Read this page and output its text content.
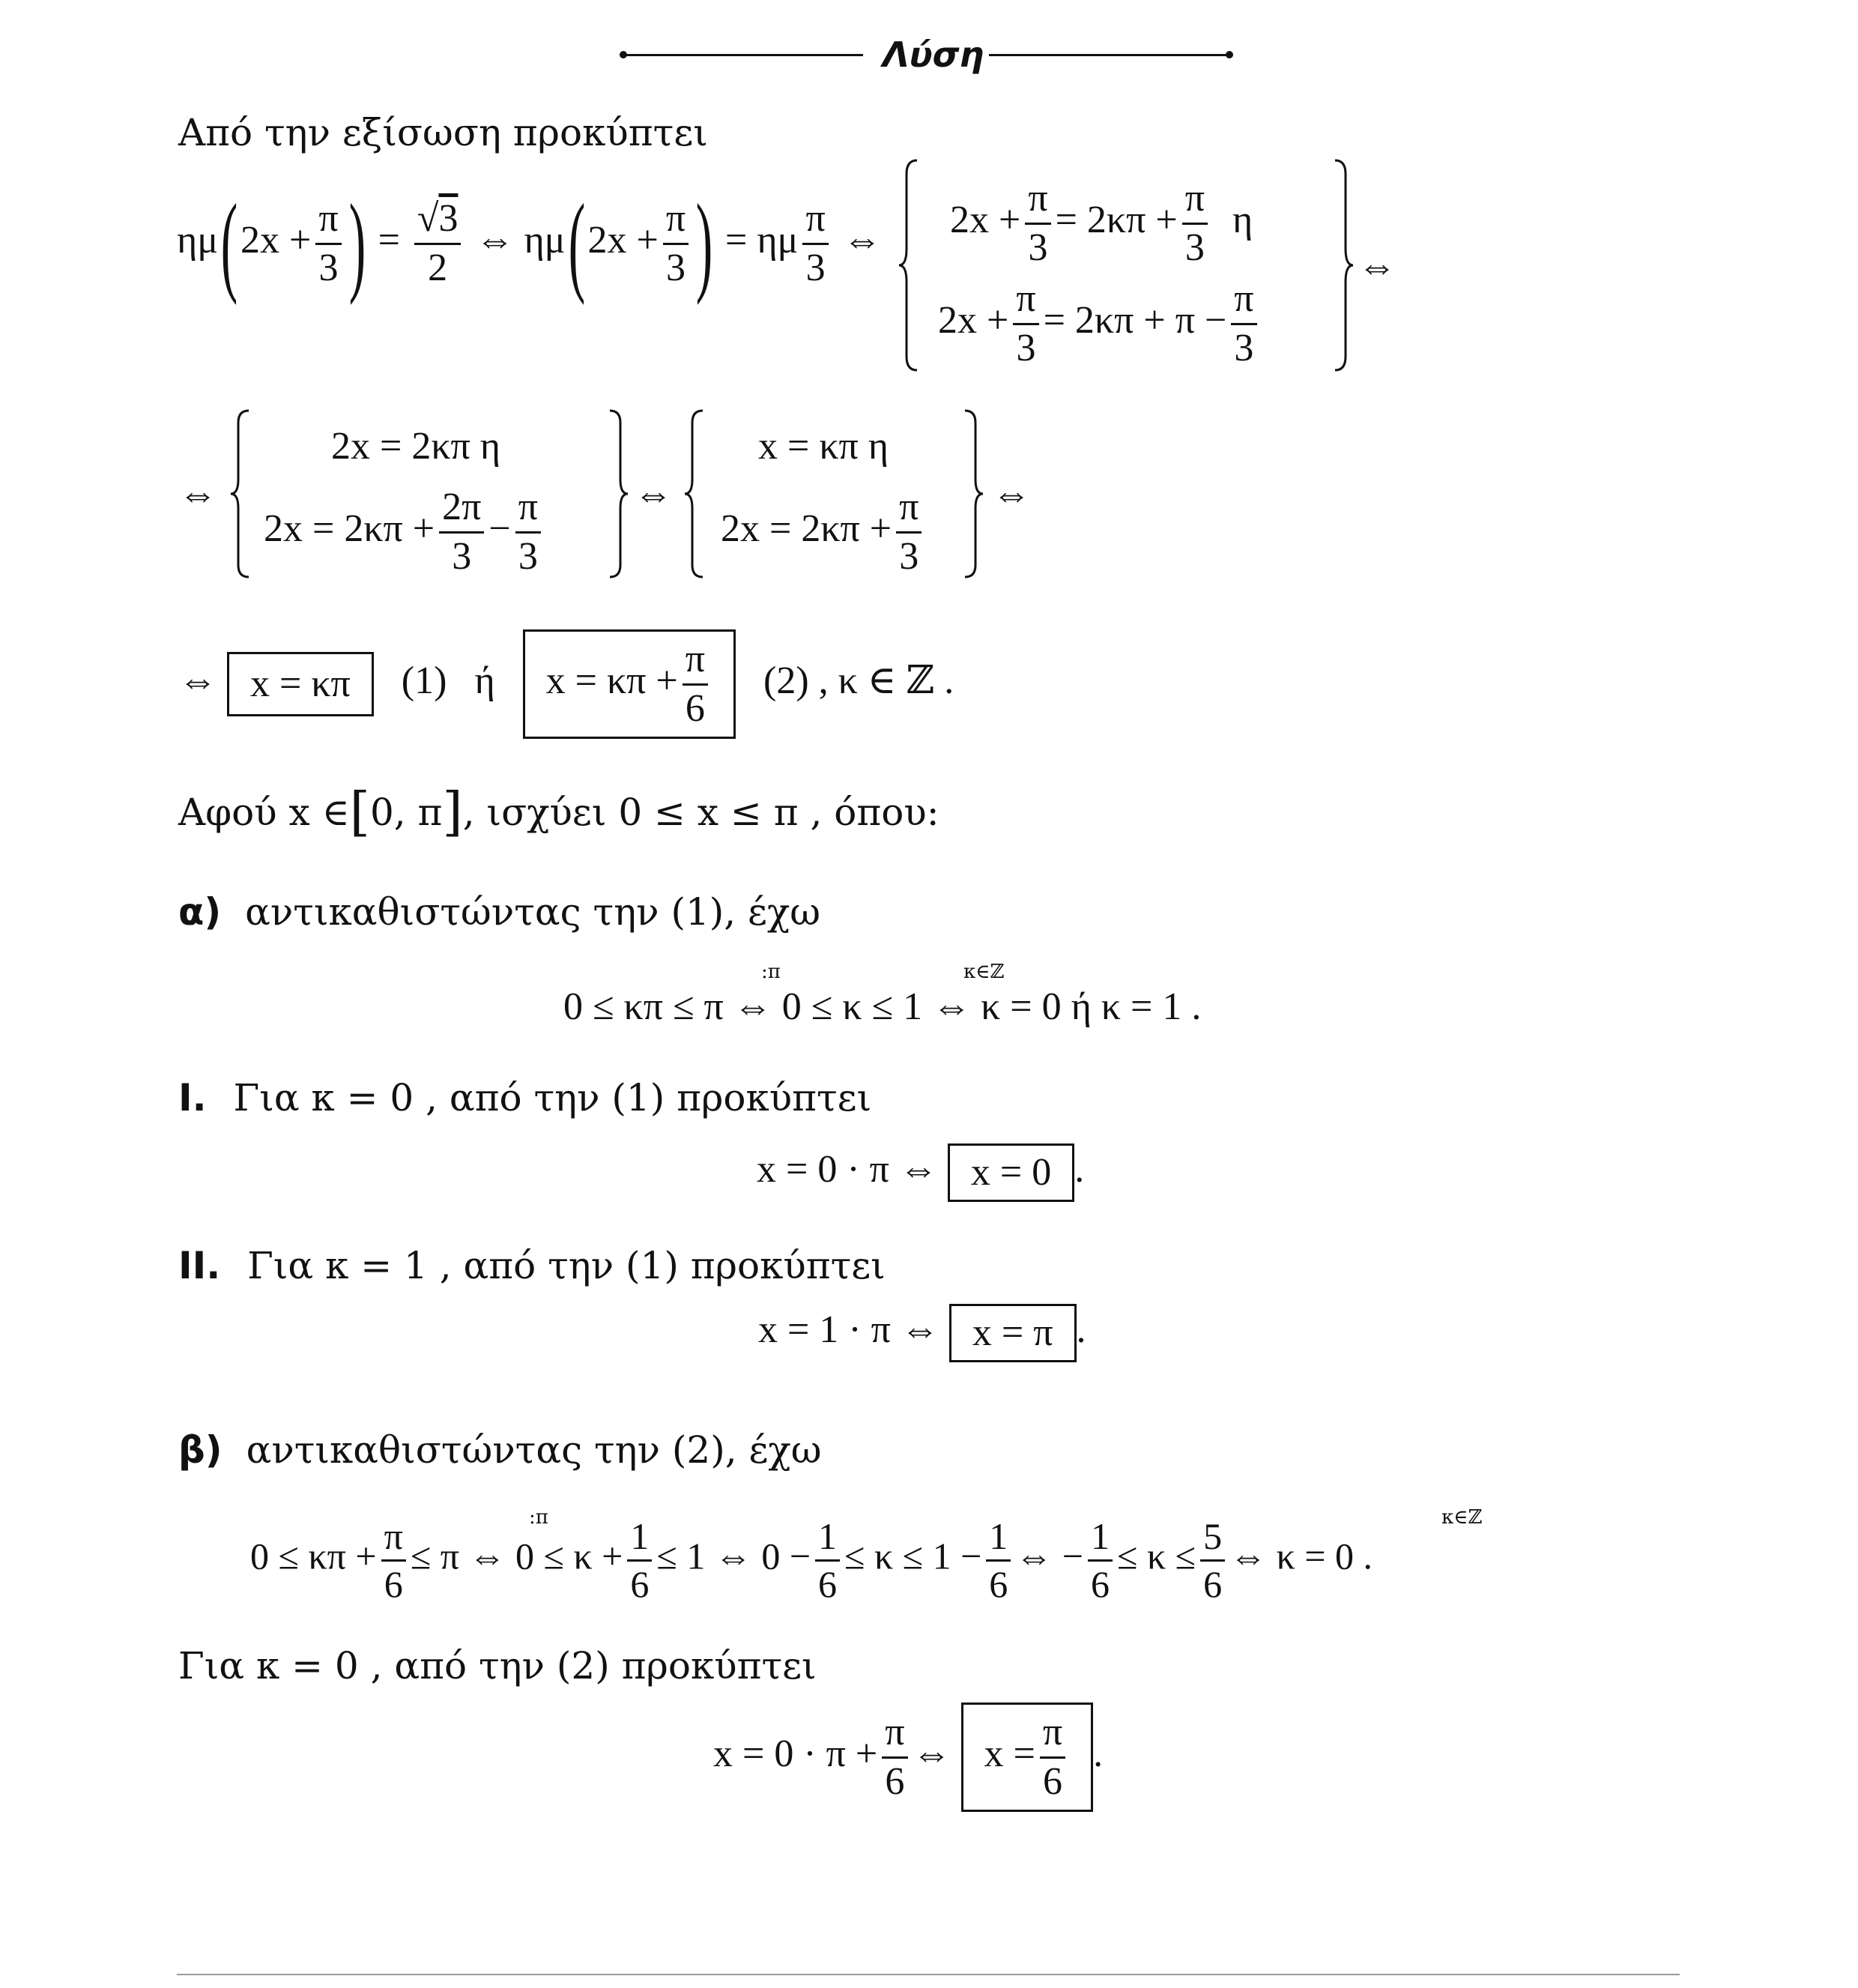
Λύση
Από την εξίσωση προκύπτει
$\eta\mu(2x + \frac{\pi}{3}$ ) = $\frac{√3}{2}$ ⇔ $\eta\mu(2x + \frac{\pi}{3}$ ) = ημ $\frac{\pi}{3}$ ⇔ $2x + \frac{\pi}{3} = 2\kappa\pi + \frac{\pi}{3}$ η
$2x + \frac{\pi}{3} = 2\kappa\pi + \pi - \frac{\pi}{3}$
⇔
⇔
2x = 2κπ η
$2x = 2\kappa\pi + \frac{2\pi}{3} - \frac{\pi}{3}$ ⇔
x = κπ η
$2x = 2\kappa\pi + \frac{\pi}{3}$ ⇔
⇔ x = κπ (1) ή $x = \kappa\pi + \frac{\pi}{6} (2)$ , κ ∈ ℤ .
Αφού x ∈[0, π], ισχύει 0 ≤ x ≤ π , όπου:
α) αντικαθιστώντας την (1), έχω
:π	κ∈ℤ
0 ≤ κπ ≤ π ⇔ 0 ≤ κ ≤ 1 ⇔ κ = 0 ή κ = 1 .
I. Για κ = 0 , από την (1) προκύπτει
x = 0 · π ⇔ x = 0 .
II. Για κ = 1 , από την (1) προκύπτει
x = 1 · π ⇔ x = π .
β) αντικαθιστώντας την (2), έχω
:π	κ∈ℤ
$0 \le \kappa\pi + \frac{\pi}{6} \le \pi$ ⇔ $0 \le \kappa + \frac{1}{6} \le 1$ ⇔ $0 - \frac{1}{6} \le \kappa \le 1 - \frac{1}{6}$ ⇔ − $\frac{1}{6} \le \kappa \le \frac{5}{6}$ ⇔ κ = 0 .
Για κ = 0 , από την (2) προκύπτει
$x = 0 \cdot \pi + \frac{\pi}{6}$ ⇔ $x = \frac{\pi}{6}$ .
